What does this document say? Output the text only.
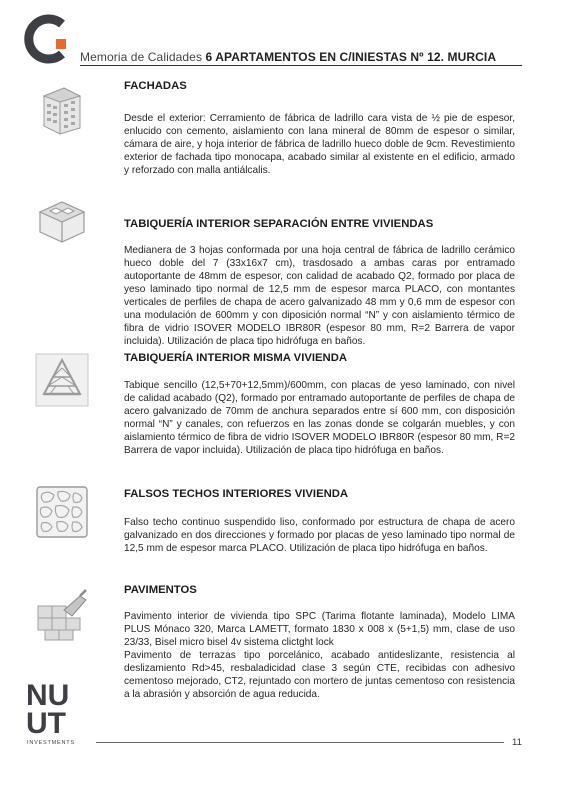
Memoria de Calidades 6 APARTAMENTOS EN C/INIESTAS Nº 12. MURCIA
FACHADAS

Desde el exterior: Cerramiento de fábrica de ladrillo cara vista de ½ pie de espesor, enlucido con cemento, aislamiento con lana mineral de 80mm de espesor o similar, cámara de aire, y hoja interior de fábrica de ladrillo hueco doble de 9cm. Revestimiento exterior de fachada tipo monocapa, acabado similar al existente en el edificio, armado y reforzado con malla antiálcalis.

TABIQUERÍA INTERIOR SEPARACIÓN ENTRE VIVIENDAS

Medianera de 3 hojas conformada por una hoja central de fábrica de ladrillo cerámico hueco doble del 7 (33x16x7 cm), trasdosado a ambas caras por entramado autoportante de 48mm de espesor, con calidad de acabado Q2, formado por placa de yeso laminado tipo normal de 12,5 mm de espesor marca PLACO, con montantes verticales de perfiles de chapa de acero galvanizado 48 mm y 0,6 mm de espesor con una modulación de 600mm y con diposición normal “N” y con aislamiento térmico de fibra de vidrio ISOVER MODELO IBR80R (espesor 80 mm, R=2 Barrera de vapor incluida). Utilización de placa tipo hidrófuga en baños.

TABIQUERÍA INTERIOR MISMA VIVIENDA

Tabique sencillo (12,5+70+12,5mm)/600mm, con placas de yeso laminado, con nivel de calidad acabado (Q2), formado por entramado autoportante de perfiles de chapa de acero galvanizado de 70mm de anchura separados entre sí 600 mm, con disposición normal “N” y canales, con refuerzos en las zonas donde se colgarán muebles, y con aislamiento térmico de fibra de vidrio ISOVER MODELO IBR80R (espesor 80 mm, R=2 Barrera de vapor incluida). Utilización de placa tipo hidrófuga en baños.

FALSOS TECHOS INTERIORES VIVIENDA

Falso techo continuo suspendido liso, conformado por estructura de chapa de acero galvanizado en dos direcciones y formado por placas de yeso laminado tipo normal de 12,5 mm de espesor marca PLACO. Utilización de placa tipo hidrófuga en baños.

PAVIMENTOS

Pavimento interior de vivienda tipo SPC (Tarima flotante laminada), Modelo LIMA PLUS Mónaco 320, Marca LAMETT, formato 1830 x 008 x (5+1,5) mm, clase de uso 23/33, Bisel micro bisel 4v sistema clictght lock

Pavimento de terrazas tipo porcelánico, acabado antideslizante, resistencia al deslizamiento Rd>45, resbaladicidad clase 3 según CTE, recibidas con adhesivo cementoso mejorado, CT2, rejuntado con mortero de juntas cementoso con resistencia a la abrasión y absorción de agua reducida.

NU
UT
INVESTMENTS	11
